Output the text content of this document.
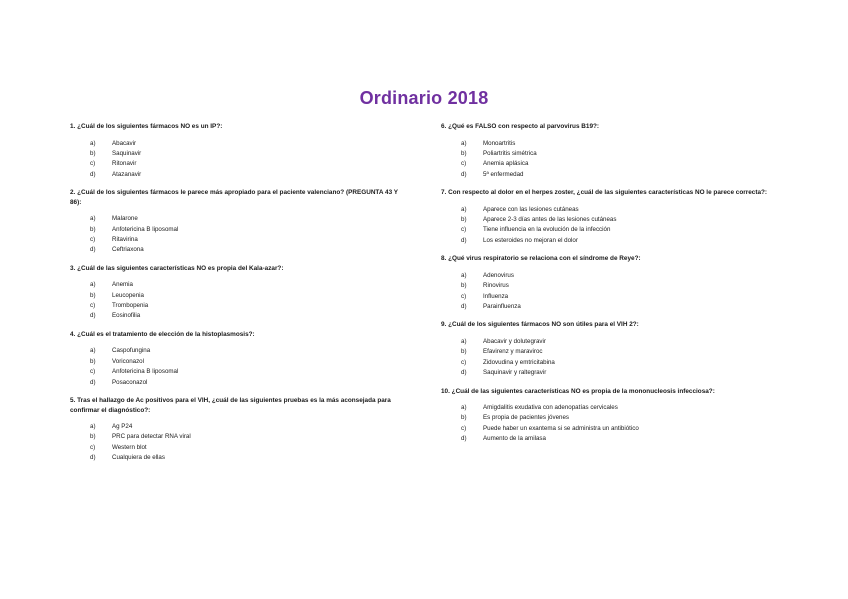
Ordinario 2018
1. ¿Cuál de los siguientes fármacos NO es un IP?:
a)	Abacavir
b)	Saquinavir
c)	Ritonavir
d)	Atazanavir
2. ¿Cuál de los siguientes fármacos le parece más apropiado para el paciente valenciano? (PREGUNTA 43 Y 86):
a)	Malarone
b)	Anfotericina B liposomal
c)	Ritavirina
d)	Ceftriaxona
3. ¿Cuál de las siguientes características NO es propia del Kala-azar?:
a)	Anemia
b)	Leucopenia
c)	Trombopenia
d)	Eosinofilia
4. ¿Cuál es el tratamiento de elección de la histoplasmosis?:
a)	Caspofungina
b)	Voriconazol
c)	Anfotericina B liposomal
d)	Posaconazol
5. Tras el hallazgo de Ac positivos para el VIH, ¿cuál de las siguientes pruebas es la más aconsejada para confirmar el diagnóstico?:
a)	Ag P24
b)	PRC para detectar RNA viral
c)	Western blot
d)	Cualquiera de ellas
6. ¿Qué es FALSO con respecto al parvovirus B19?:
a)	Monoartritis
b)	Poliartritis simétrica
c)	Anemia aplásica
d)	5ª enfermedad
7. Con respecto al dolor en el herpes zoster, ¿cuál de las siguientes características NO le parece correcta?:
a)	Aparece con las lesiones cutáneas
b)	Aparece 2-3 días antes de las lesiones cutáneas
c)	Tiene influencia en la evolución de la infección
d)	Los esteroides no mejoran el dolor
8. ¿Qué virus respiratorio se relaciona con el síndrome de Reye?:
a)	Adenovirus
b)	Rinovirus
c)	Influenza
d)	Parainfluenza
9. ¿Cuál de los siguientes fármacos NO son útiles para el VIH 2?:
a)	Abacavir y dolutegravir
b)	Efavirenz y maraviroc
c)	Zidovudina y emtricitabina
d)	Saquinavir y raltegravir
10. ¿Cuál de las siguientes características NO es propia de la mononucleosis infecciosa?:
a)	Amigdalitis exudativa con adenopatías cervicales
b)	Es propia de pacientes jóvenes
c)	Puede haber un exantema si se administra un antibiótico
d)	Aumento de la amilasa
